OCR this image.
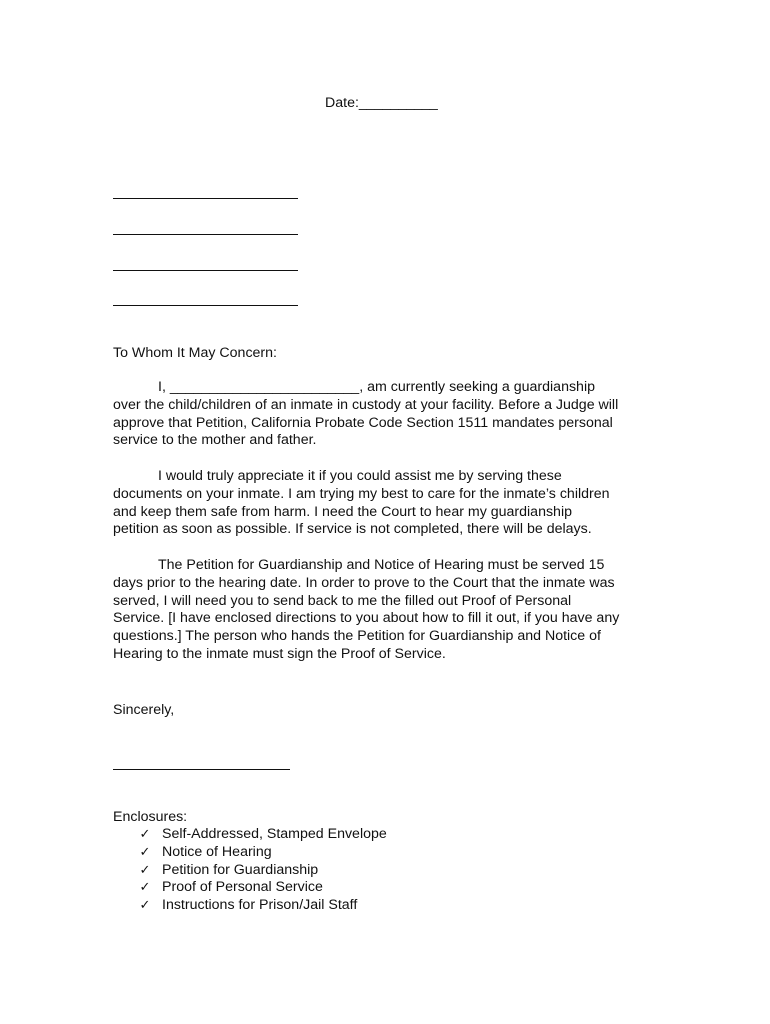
Date:__________
To Whom It May Concern:
I, ________________________, am currently seeking a guardianship
over the child/children of an inmate in custody at your facility. Before a Judge will
approve that Petition, California Probate Code Section 1511 mandates personal
service to the mother and father.
I would truly appreciate it if you could assist me by serving these
documents on your inmate. I am trying my best to care for the inmate’s children
and keep them safe from harm. I need the Court to hear my guardianship
petition as soon as possible. If service is not completed, there will be delays.
The Petition for Guardianship and Notice of Hearing must be served 15
days prior to the hearing date. In order to prove to the Court that the inmate was
served, I will need you to send back to me the filled out Proof of Personal
Service. [I have enclosed directions to you about how to fill it out, if you have any
questions.] The person who hands the Petition for Guardianship and Notice of
Hearing to the inmate must sign the Proof of Service.
Sincerely,
Enclosures:
✓ Self-Addressed, Stamped Envelope
✓ Notice of Hearing
✓ Petition for Guardianship
✓ Proof of Personal Service
✓ Instructions for Prison/Jail Staff
